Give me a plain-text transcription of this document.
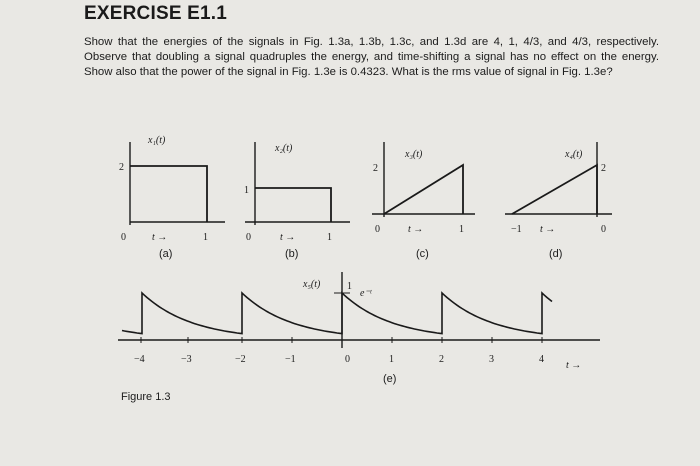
EXERCISE E1.1
Show that the energies of the signals in Fig. 1.3a, 1.3b, 1.3c, and 1.3d are 4, 1, 4/3, and 4/3, respectively. Observe that doubling a signal quadruples the energy, and time-shifting a signal has no effect on the energy. Show also that the power of the signal in Fig. 1.3e is 0.4323. What is the rms value of signal in Fig. 1.3e?
x₁(t)
2
0	t →	1
(a)
x₂(t)
1
0	t →	1
(b)
x₃(t)
2
0	t →	1
(c)
x₄(t)
2
−1 t →	0
(d)
x₅(t)	1
e⁻ᵗ
−4	−3	−2	−1	0	1	2	3	4
t →
(e)
Figure 1.3
